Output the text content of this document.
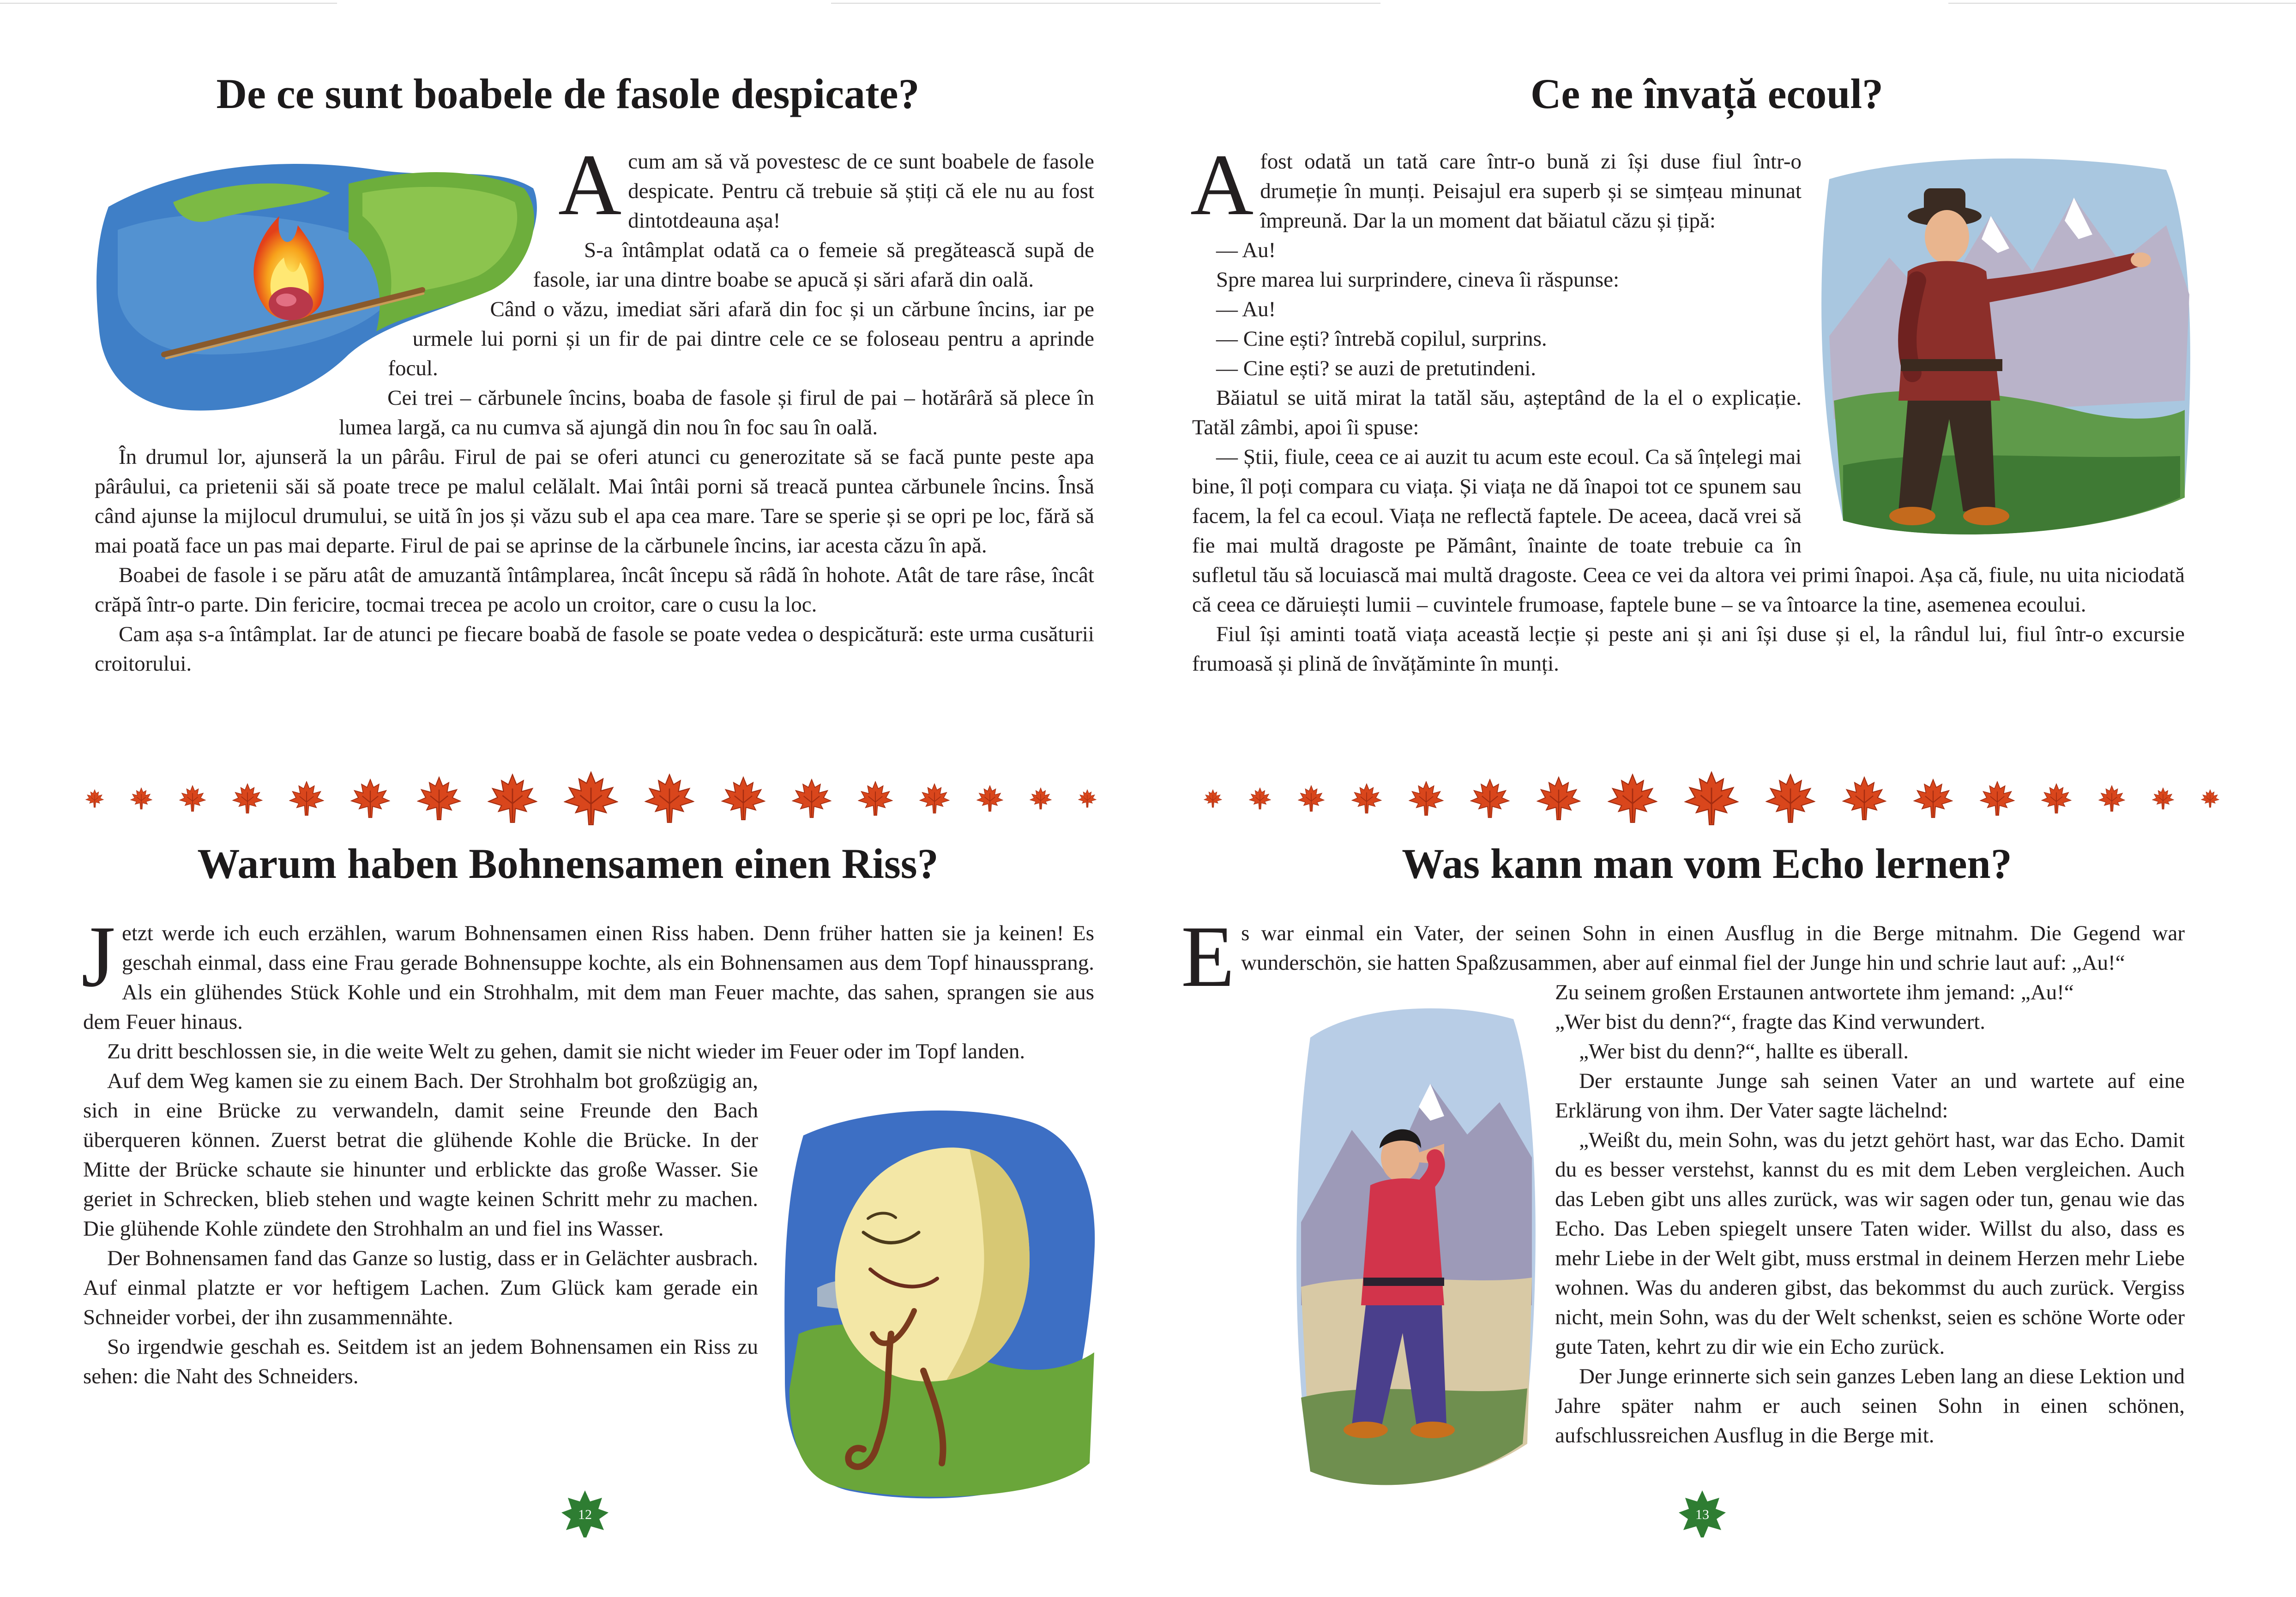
De ce sunt boabele de fasole despicate?

Acum am să vă povestesc de ce sunt boabele de fasole despicate. Pentru că trebuie să știți că ele nu au fost dintotdeauna așa!

S-a întâmplat odată ca o femeie să pregătească supă de fasole, iar una dintre boabe se apucă și sări afară din oală.

Când o văzu, imediat sări afară din foc și un cărbune încins, iar pe urmele lui porni și un fir de pai dintre cele ce se foloseau pentru a aprinde focul.

Cei trei – cărbunele încins, boaba de fasole și firul de pai – hotărâră să plece în lumea largă, ca nu cumva să ajungă din nou în foc sau în oală.

În drumul lor, ajunseră la un pârâu. Firul de pai se oferi atunci cu generozitate să se facă punte peste apa pârâului, ca prietenii săi să poate trece pe malul celălalt. Mai întâi porni să treacă puntea cărbunele încins. Însă când ajunse la mijlocul drumului, se uită în jos și văzu sub el apa cea mare. Tare se sperie și se opri pe loc, fără să mai poată face un pas mai departe. Firul de pai se aprinse de la cărbunele încins, iar acesta căzu în apă.

Boabei de fasole i se păru atât de amuzantă întâmplarea, încât începu să râdă în hohote. Atât de tare râse, încât crăpă într-o parte. Din fericire, tocmai trecea pe acolo un croitor, care o cusu la loc.

Cam așa s-a întâmplat. Iar de atunci pe fiecare boabă de fasole se poate vedea o despicătură: este urma cusăturii croitorului.

Warum haben Bohnensamen einen Riss?

Jetzt werde ich euch erzählen, warum Bohnensamen einen Riss haben. Denn früher hatten sie ja keinen! Es geschah einmal, dass eine Frau gerade Bohnensuppe kochte, als ein Bohnensamen aus dem Topf hinaussprang. Als ein glühendes Stück Kohle und ein Strohhalm, mit dem man Feuer machte, das sahen, sprangen sie aus dem Feuer hinaus.

Zu dritt beschlossen sie, in die weite Welt zu gehen, damit sie nicht wieder im Feuer oder im Topf landen.

Auf dem Weg kamen sie zu einem Bach. Der Strohhalm bot großzügig an, sich in eine Brücke zu verwandeln, damit seine Freunde den Bach überqueren können. Zuerst betrat die glühende Kohle die Brücke. In der Mitte der Brücke schaute sie hinunter und erblickte das große Wasser. Sie geriet in Schrecken, blieb stehen und wagte keinen Schritt mehr zu machen. Die glühende Kohle zündete den Strohhalm an und fiel ins Wasser.

Der Bohnensamen fand das Ganze so lustig, dass er in Gelächter ausbrach. Auf einmal platzte er vor heftigem Lachen. Zum Glück kam gerade ein Schneider vorbei, der ihn zusammennähte.

So irgendwie geschah es. Seitdem ist an jedem Bohnensamen ein Riss zu sehen: die Naht des Schneiders.

12
Ce ne învață ecoul?

Afost odată un tată care într-o bună zi își duse fiul într-o drumeție în munți. Peisajul era superb și se simțeau minunat împreună. Dar la un moment dat băiatul căzu și țipă:

— Au!

Spre marea lui surprindere, cineva îi răspunse:

— Au!

— Cine ești? întrebă copilul, surprins.

— Cine ești? se auzi de pretutindeni.

Băiatul se uită mirat la tatăl său, așteptând de la el o explicație. Tatăl zâmbi, apoi îi spuse:

— Știi, fiule, ceea ce ai auzit tu acum este ecoul. Ca să înțelegi mai bine, îl poți compara cu viața. Și viața ne dă înapoi tot ce spunem sau facem, la fel ca ecoul. Viața ne reflectă faptele. De aceea, dacă vrei să fie mai multă dragoste pe Pământ, înainte de toate trebuie ca în sufletul tău să locuiască mai multă dragoste. Ceea ce vei da altora vei primi înapoi. Așa că, fiule, nu uita niciodată că ceea ce dăruiești lumii – cuvintele frumoase, faptele bune – se va întoarce la tine, asemenea ecoului.

Fiul își aminti toată viața această lecție și peste ani și ani își duse și el, la rândul lui, fiul într-o excursie frumoasă și plină de învățăminte în munți.

Was kann man vom Echo lernen?

Es war einmal ein Vater, der seinen Sohn in einen Ausflug in die Berge mitnahm. Die Gegend war wunderschön, sie hatten Spaßzusammen, aber auf einmal fiel der Junge hin und schrie laut auf: „Au!“

Zu seinem großen Erstaunen antwortete ihm jemand: „Au!“

„Wer bist du denn?“, fragte das Kind verwundert.

„Wer bist du denn?“, hallte es überall.

Der erstaunte Junge sah seinen Vater an und wartete auf eine Erklärung von ihm. Der Vater sagte lächelnd:

„Weißt du, mein Sohn, was du jetzt gehört hast, war das Echo. Damit du es besser verstehst, kannst du es mit dem Leben vergleichen. Auch das Leben gibt uns alles zurück, was wir sagen oder tun, genau wie das Echo. Das Leben spiegelt unsere Taten wider. Willst du also, dass es mehr Liebe in der Welt gibt, muss erstmal in deinem Herzen mehr Liebe wohnen. Was du anderen gibst, das bekommst du auch zurück. Vergiss nicht, mein Sohn, was du der Welt schenkst, seien es schöne Worte oder gute Taten, kehrt zu dir wie ein Echo zurück.

Der Junge erinnerte sich sein ganzes Leben lang an diese Lektion und Jahre später nahm er auch seinen Sohn in einen schönen, aufschlussreichen Ausflug in die Berge mit.

13
